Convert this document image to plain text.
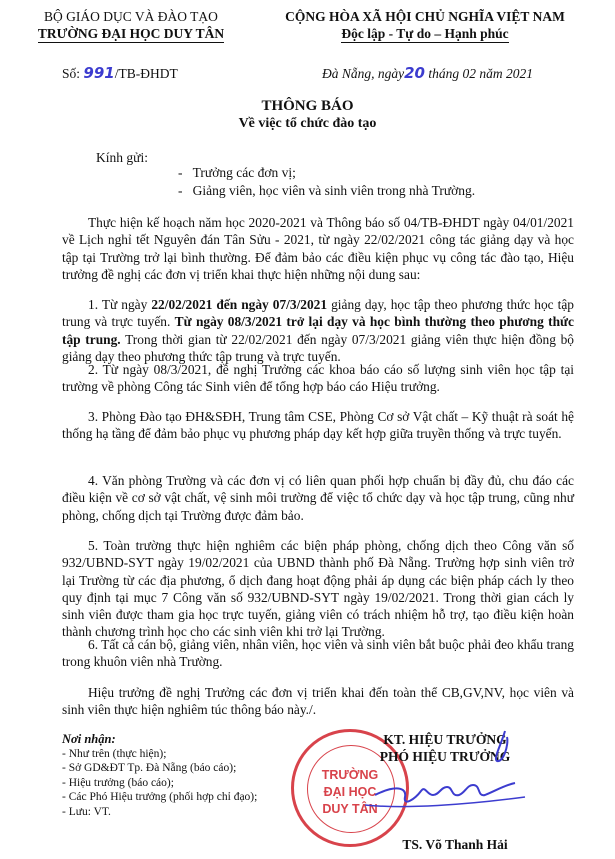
BỘ GIÁO DỤC VÀ ĐÀO TẠO
TRƯỜNG ĐẠI HỌC DUY TÂN
CỘNG HÒA XÃ HỘI CHỦ NGHĨA VIỆT NAM
Độc lập - Tự do – Hạnh phúc
Số: 991/TB-ĐHDT	Đà Nẵng, ngày20 tháng 02 năm 2021
THÔNG BÁO
Về việc tổ chức đào tạo
Kính gửi:
-   Trưởng các đơn vị;
-   Giảng viên, học viên và sinh viên trong nhà Trường.

Thực hiện kế hoạch năm học 2020-2021 và Thông báo số 04/TB-ĐHDT ngày 04/01/2021 về Lịch nghỉ tết Nguyên đán Tân Sửu - 2021, từ ngày 22/02/2021 công tác giảng dạy và học tập tại Trường trở lại bình thường. Để đảm bảo các điều kiện phục vụ công tác đào tạo, Hiệu trưởng đề nghị các đơn vị triển khai thực hiện những nội dung sau:

1. Từ ngày 22/02/2021 đến ngày 07/3/2021 giảng dạy, học tập theo phương thức học tập trung và trực tuyến. Từ ngày 08/3/2021 trở lại dạy và học bình thường theo phương thức tập trung. Trong thời gian từ 22/02/2021 đến ngày 07/3/2021 giảng viên thực hiện đồng bộ giảng dạy theo phương thức tập trung và trực tuyến.

2. Từ ngày 08/3/2021, đề nghị Trưởng các khoa báo cáo số lượng sinh viên học tập tại trường về phòng Công tác Sinh viên để tổng hợp báo cáo Hiệu trưởng.

3. Phòng Đào tạo ĐH&SĐH, Trung tâm CSE, Phòng Cơ sở Vật chất – Kỹ thuật rà soát hệ thống hạ tầng để đảm bảo phục vụ phương pháp dạy kết hợp giữa truyền thống và trực tuyến.

4. Văn phòng Trường và các đơn vị có liên quan phối hợp chuẩn bị đầy đủ, chu đáo các điều kiện về cơ sở vật chất, vệ sinh môi trường để việc tổ chức dạy và học tập trung, cũng như phòng, chống dịch tại Trường được đảm bảo.

5. Toàn trường thực hiện nghiêm các biện pháp phòng, chống dịch theo Công văn số 932/UBND-SYT ngày 19/02/2021 của UBND thành phố Đà Nẵng. Trường hợp sinh viên trở lại Trường từ các địa phương, ổ dịch đang hoạt động phải áp dụng các biện pháp cách ly theo quy định tại mục 7 Công văn số 932/UBND-SYT ngày 19/02/2021. Trong thời gian cách ly sinh viên được tham gia học trực tuyến, giảng viên có trách nhiệm hỗ trợ, tạo điều kiện hoàn thành chương trình học cho các sinh viên khi trở lại Trường.

6. Tất cả cán bộ, giảng viên, nhân viên, học viên và sinh viên bắt buộc phải đeo khẩu trang trong khuôn viên nhà Trường.

Hiệu trưởng đề nghị Trưởng các đơn vị triển khai đến toàn thể CB,GV,NV, học viên và sinh viên thực hiện nghiêm túc thông báo này./.

Nơi nhận:
- Như trên (thực hiện);
- Sở GD&ĐT Tp. Đà Nẵng (báo cáo);
- Hiệu trưởng (báo cáo);
- Các Phó Hiệu trưởng (phối hợp chỉ đạo);
- Lưu: VT.
TRƯỜNG
ĐẠI HỌC
DUY TÂN
KT. HIỆU TRƯỞNG
PHÓ HIỆU TRƯỞNG
TS. Võ Thanh Hải
